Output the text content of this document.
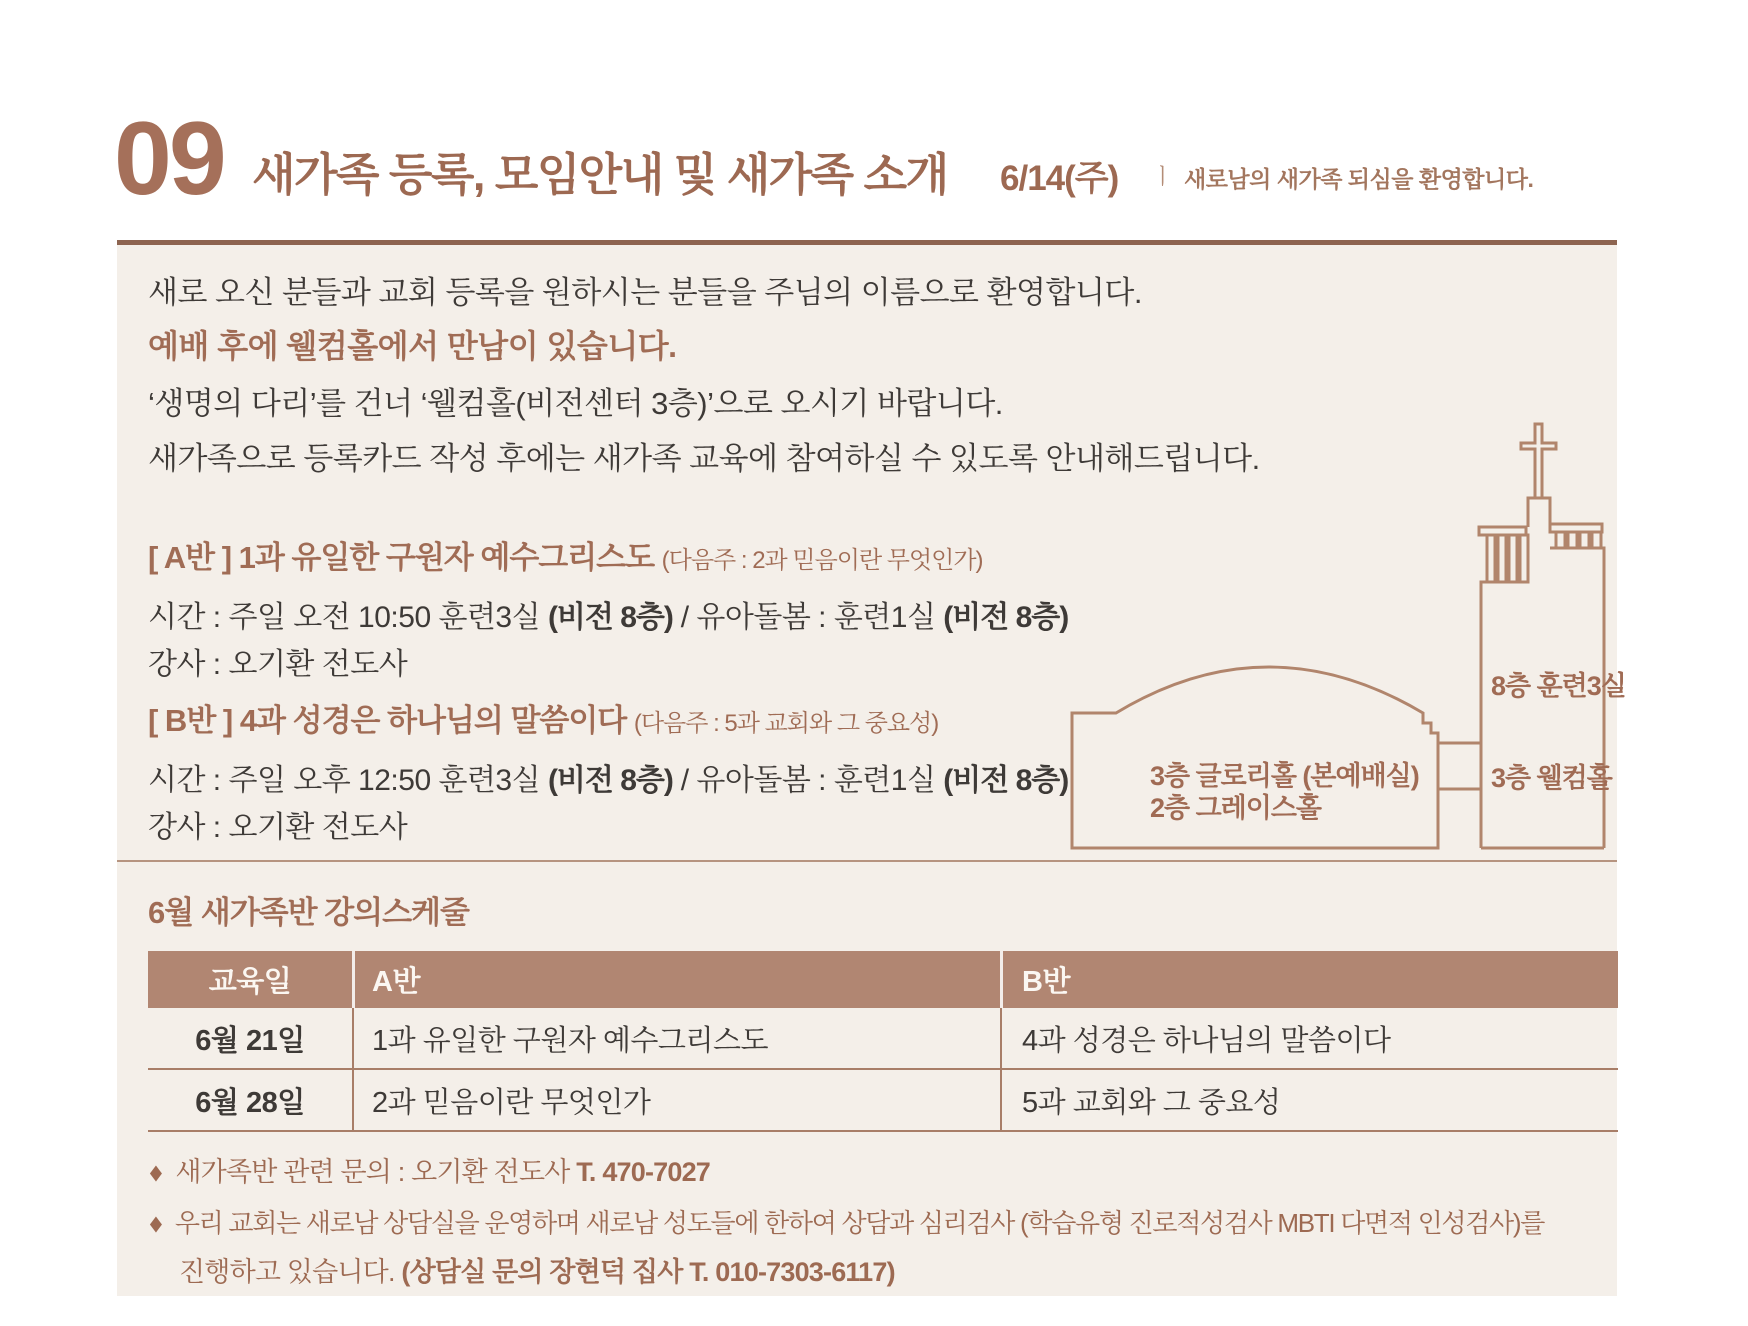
09 새가족 등록, 모임안내 및 새가족 소개 6/14(주) ㅣ 새로남의 새가족 되심을 환영합니다.
새로 오신 분들과 교회 등록을 원하시는 분들을 주님의 이름으로 환영합니다.
예배 후에 웰컴홀에서 만남이 있습니다.
‘생명의 다리’를 건너 ‘웰컴홀(비전센터 3층)’으로 오시기 바랍니다.
새가족으로 등록카드 작성 후에는 새가족 교육에 참여하실 수 있도록 안내해드립니다.
[ A반 ] 1과 유일한 구원자 예수그리스도 (다음주 : 2과 믿음이란 무엇인가)
시간 : 주일 오전 10:50 훈련3실 (비전 8층) / 유아돌봄 : 훈련1실 (비전 8층)
강사 : 오기환 전도사
[ B반 ] 4과 성경은 하나님의 말씀이다 (다음주 : 5과 교회와 그 중요성)
시간 : 주일 오후 12:50 훈련3실 (비전 8층) / 유아돌봄 : 훈련1실 (비전 8층)
강사 : 오기환 전도사
8층 훈련3실
3층 웰컴홀
3층 글로리홀 (본예배실)
2층 그레이스홀
6월 새가족반 강의스케줄
교육일	A반	B반
6월 21일	1과 유일한 구원자 예수그리스도	4과 성경은 하나님의 말씀이다
6월 28일	2과 믿음이란 무엇인가	5과 교회와 그 중요성
◆ 새가족반 관련 문의 : 오기환 전도사 T. 470-7027
◆ 우리 교회는 새로남 상담실을 운영하며 새로남 성도들에 한하여 상담과 심리검사 (학습유형 진로적성검사 MBTI 다면적 인성검사)를
진행하고 있습니다. (상담실 문의 장현덕 집사 T. 010-7303-6117)
